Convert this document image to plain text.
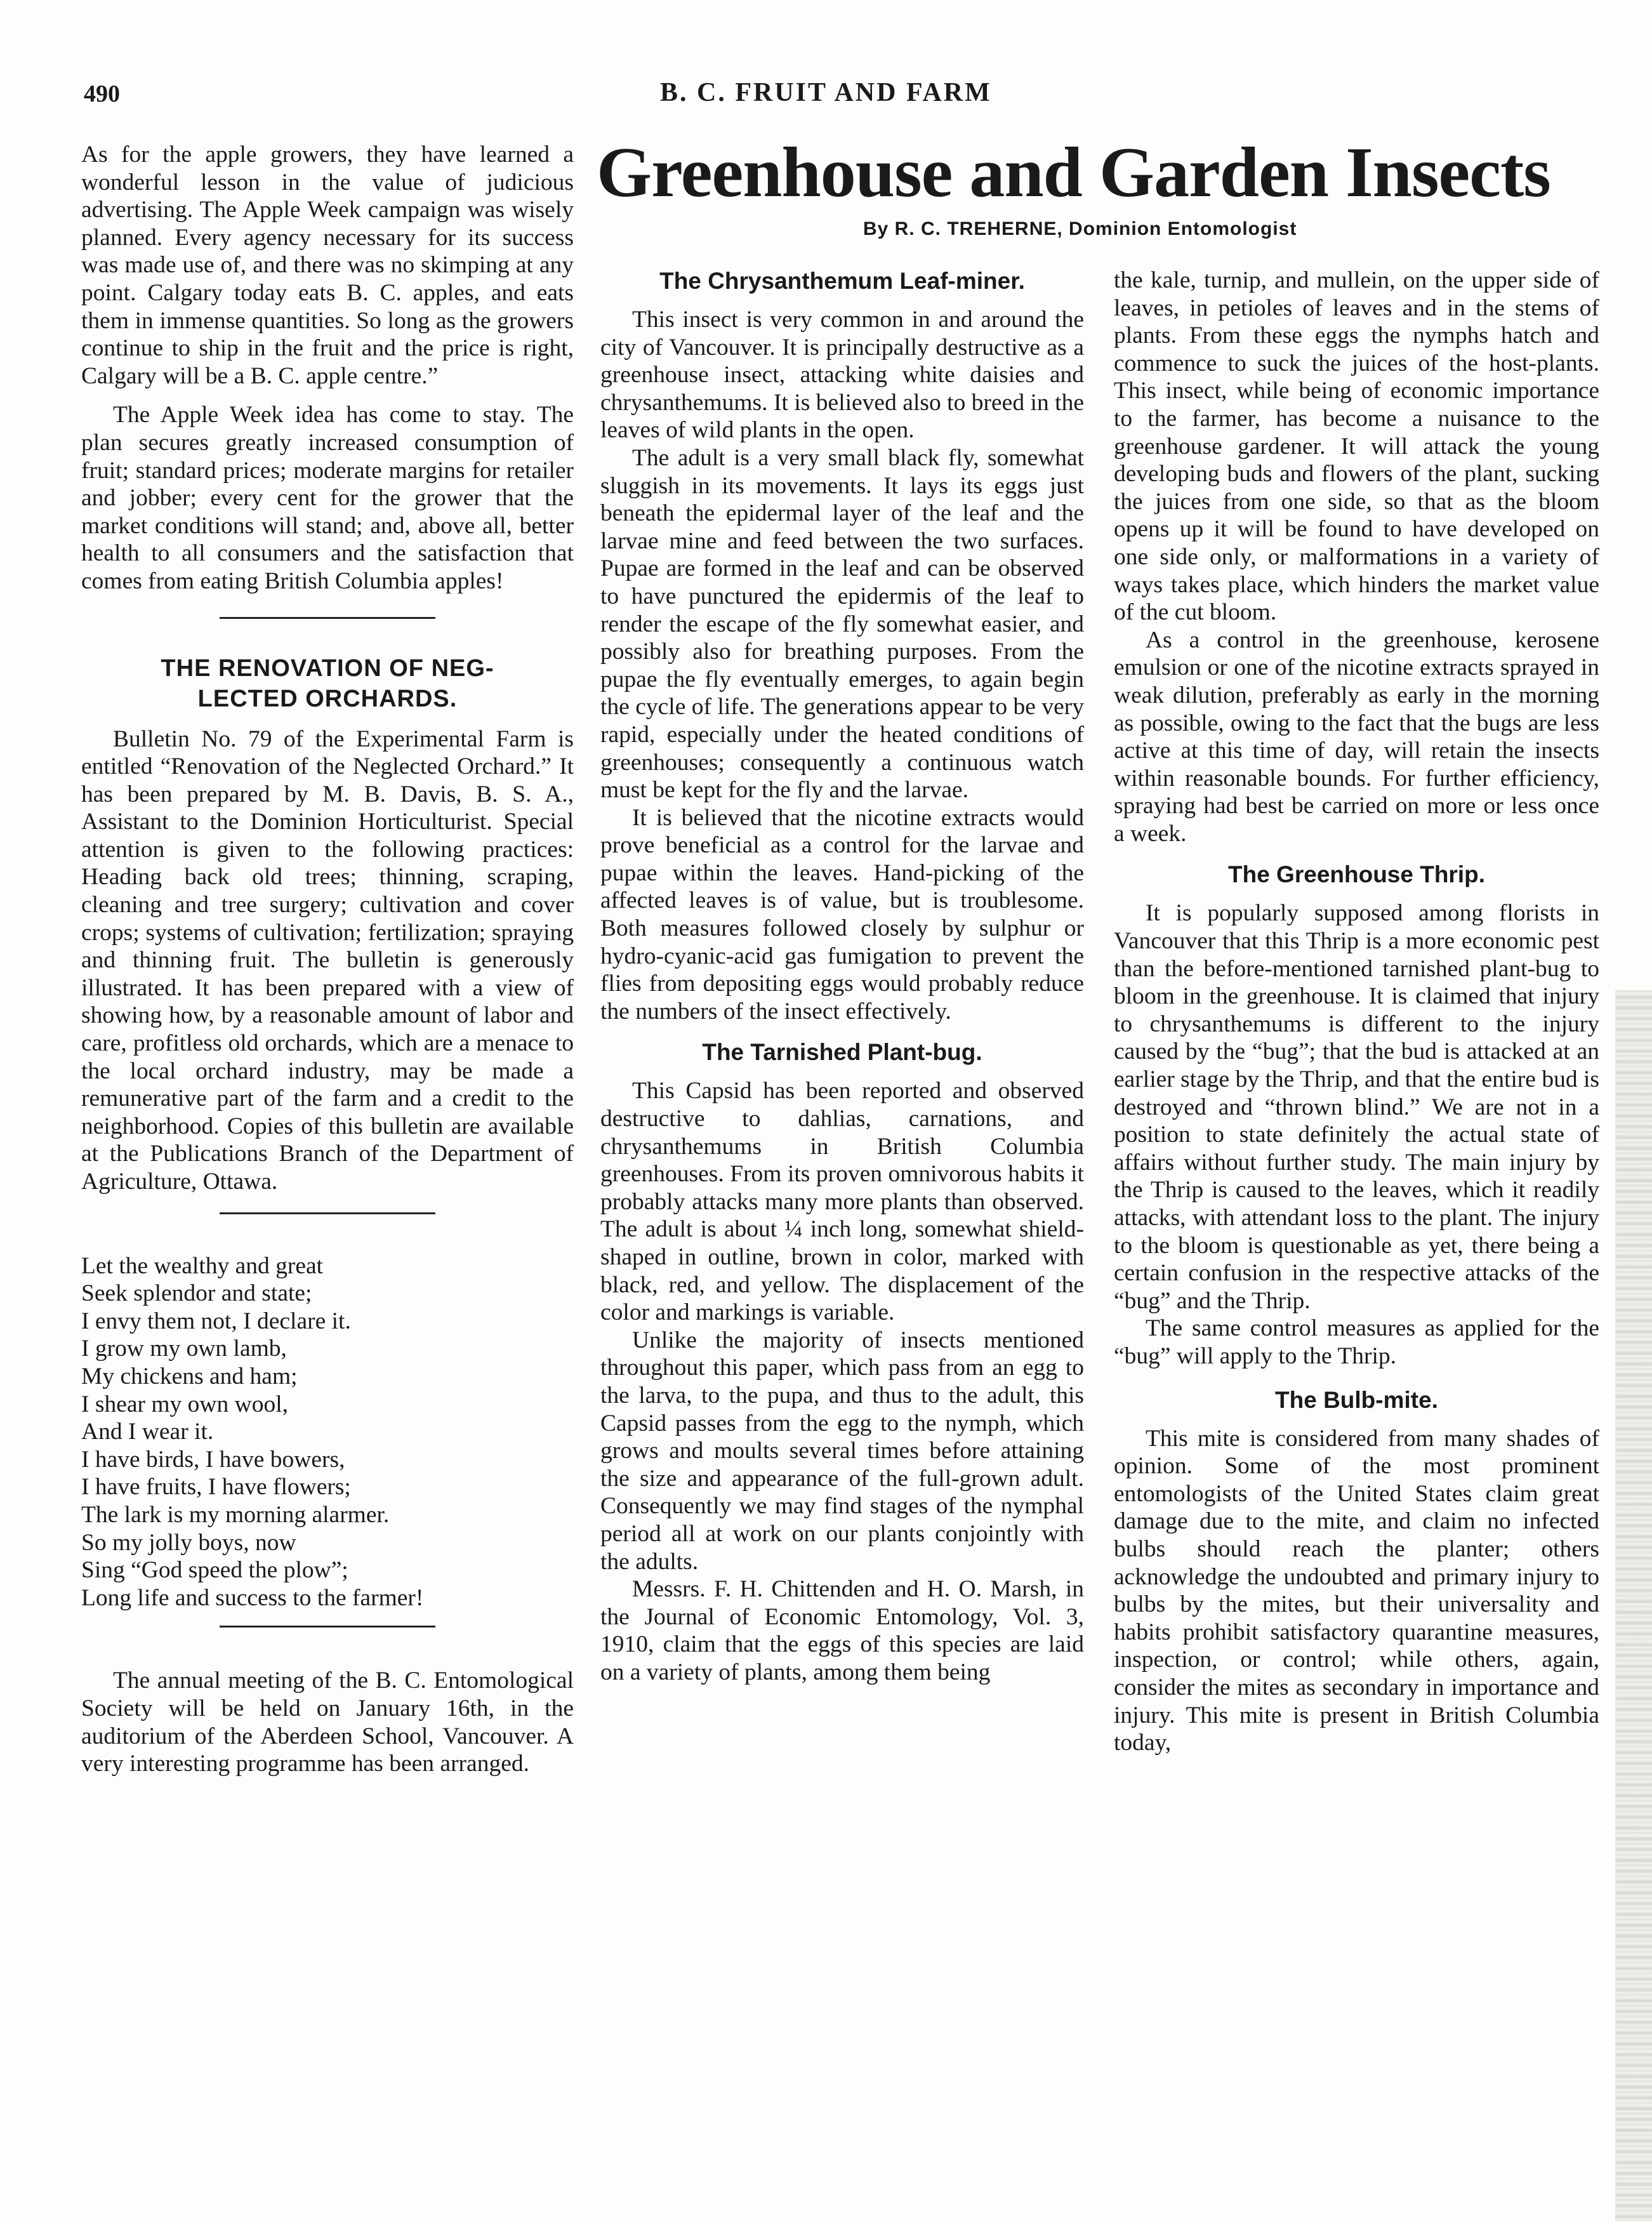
490	B. C. FRUIT AND FARM
Greenhouse and Garden Insects
By R. C. TREHERNE, Dominion Entomologist

As for the apple growers, they have learned a wonderful lesson in the value of judicious advertising. The Apple Week campaign was wisely planned. Every agency necessary for its success was made use of, and there was no skimping at any point. Calgary today eats B. C. apples, and eats them in immense quantities. So long as the growers continue to ship in the fruit and the price is right, Calgary will be a B. C. apple centre.”

The Apple Week idea has come to stay. The plan secures greatly increased consumption of fruit; standard prices; moderate margins for retailer and jobber; every cent for the grower that the market conditions will stand; and, above all, better health to all consumers and the satisfaction that comes from eating British Columbia apples!

THE RENOVATION OF NEG-
LECTED ORCHARDS.

Bulletin No. 79 of the Experimental Farm is entitled “Renovation of the Neglected Orchard.” It has been prepared by M. B. Davis, B. S. A., Assistant to the Dominion Horticulturist. Special attention is given to the following practices: Heading back old trees; thinning, scraping, cleaning and tree surgery; cultivation and cover crops; systems of cultivation; fertilization; spraying and thinning fruit. The bulletin is generously illustrated. It has been prepared with a view of showing how, by a reasonable amount of labor and care, profitless old orchards, which are a menace to the local orchard industry, may be made a remunerative part of the farm and a credit to the neighborhood. Copies of this bulletin are available at the Publications Branch of the Department of Agriculture, Ottawa.

Let the wealthy and great
Seek splendor and state;
I envy them not, I declare it.
I grow my own lamb,
My chickens and ham;
I shear my own wool,
And I wear it.
I have birds, I have bowers,
I have fruits, I have flowers;
The lark is my morning alarmer.
So my jolly boys, now
Sing “God speed the plow”;
Long life and success to the farmer!

The annual meeting of the B. C. Entomological Society will be held on January 16th, in the auditorium of the Aberdeen School, Vancouver. A very interesting programme has been arranged.

The Chrysanthemum Leaf-miner.

This insect is very common in and around the city of Vancouver. It is principally destructive as a greenhouse insect, attacking white daisies and chrysanthemums. It is believed also to breed in the leaves of wild plants in the open.

The adult is a very small black fly, somewhat sluggish in its movements. It lays its eggs just beneath the epidermal layer of the leaf and the larvae mine and feed between the two surfaces. Pupae are formed in the leaf and can be observed to have punctured the epidermis of the leaf to render the escape of the fly somewhat easier, and possibly also for breathing purposes. From the pupae the fly eventually emerges, to again begin the cycle of life. The generations appear to be very rapid, especially under the heated conditions of greenhouses; consequently a continuous watch must be kept for the fly and the larvae.

It is believed that the nicotine extracts would prove beneficial as a control for the larvae and pupae within the leaves. Hand-picking of the affected leaves is of value, but is troublesome. Both measures followed closely by sulphur or hydro-cyanic-acid gas fumigation to prevent the flies from depositing eggs would probably reduce the numbers of the insect effectively.

The Tarnished Plant-bug.

This Capsid has been reported and observed destructive to dahlias, carnations, and chrysanthemums in British Columbia greenhouses. From its proven omnivorous habits it probably attacks many more plants than observed. The adult is about ¼ inch long, somewhat shield-shaped in outline, brown in color, marked with black, red, and yellow. The displacement of the color and markings is variable.

Unlike the majority of insects mentioned throughout this paper, which pass from an egg to the larva, to the pupa, and thus to the adult, this Capsid passes from the egg to the nymph, which grows and moults several times before attaining the size and appearance of the full-grown adult. Consequently we may find stages of the nymphal period all at work on our plants conjointly with the adults.

Messrs. F. H. Chittenden and H. O. Marsh, in the Journal of Economic Entomology, Vol. 3, 1910, claim that the eggs of this species are laid on a variety of plants, among them being

the kale, turnip, and mullein, on the upper side of leaves, in petioles of leaves and in the stems of plants. From these eggs the nymphs hatch and commence to suck the juices of the host-plants. This insect, while being of economic importance to the farmer, has become a nuisance to the greenhouse gardener. It will attack the young developing buds and flowers of the plant, sucking the juices from one side, so that as the bloom opens up it will be found to have developed on one side only, or malformations in a variety of ways takes place, which hinders the market value of the cut bloom.

As a control in the greenhouse, kerosene emulsion or one of the nicotine extracts sprayed in weak dilution, preferably as early in the morning as possible, owing to the fact that the bugs are less active at this time of day, will retain the insects within reasonable bounds. For further efficiency, spraying had best be carried on more or less once a week.

The Greenhouse Thrip.

It is popularly supposed among florists in Vancouver that this Thrip is a more economic pest than the before-mentioned tarnished plant-bug to bloom in the greenhouse. It is claimed that injury to chrysanthemums is different to the injury caused by the “bug”; that the bud is attacked at an earlier stage by the Thrip, and that the entire bud is destroyed and “thrown blind.” We are not in a position to state definitely the actual state of affairs without further study. The main injury by the Thrip is caused to the leaves, which it readily attacks, with attendant loss to the plant. The injury to the bloom is questionable as yet, there being a certain confusion in the respective attacks of the “bug” and the Thrip.

The same control measures as applied for the “bug” will apply to the Thrip.

The Bulb-mite.

This mite is considered from many shades of opinion. Some of the most prominent entomologists of the United States claim great damage due to the mite, and claim no infected bulbs should reach the planter; others acknowledge the undoubted and primary injury to bulbs by the mites, but their universality and habits prohibit satisfactory quarantine measures, inspection, or control; while others, again, consider the mites as secondary in importance and injury. This mite is present in British Columbia today,
